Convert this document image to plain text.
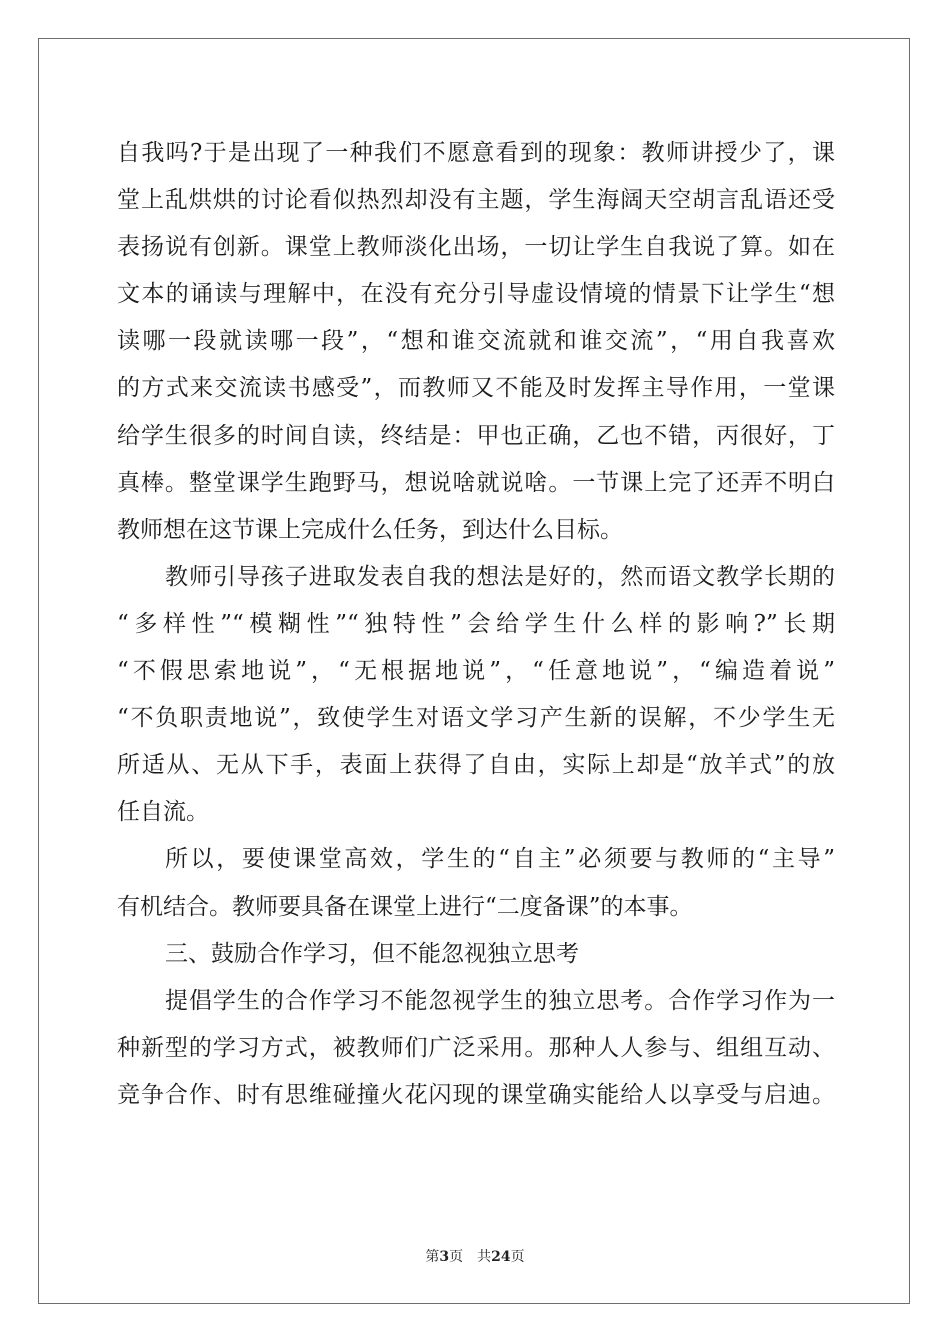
自我吗?于是出现了一种我们不愿意看到的现象：教师讲授少了，课
堂上乱烘烘的讨论看似热烈却没有主题，学生海阔天空胡言乱语还受
表扬说有创新。课堂上教师淡化出场，一切让学生自我说了算。如在
文本的诵读与理解中，在没有充分引导虚设情境的情景下让学生“想
读哪一段就读哪一段”，“想和谁交流就和谁交流”，“用自我喜欢
的方式来交流读书感受”，而教师又不能及时发挥主导作用，一堂课
给学生很多的时间自读，终结是：甲也正确，乙也不错，丙很好，丁
真棒。整堂课学生跑野马，想说啥就说啥。一节课上完了还弄不明白
教师想在这节课上完成什么任务，到达什么目标。
教师引导孩子进取发表自我的想法是好的，然而语文教学长期的
“多样性”“模糊性”“独特性”会给学生什么样的影响?”长期
“不假思索地说”，“无根据地说”，“任意地说”，“编造着说”
“不负职责地说”，致使学生对语文学习产生新的误解，不少学生无
所适从、无从下手，表面上获得了自由，实际上却是“放羊式”的放
任自流。
所以，要使课堂高效，学生的“自主”必须要与教师的“主导”
有机结合。教师要具备在课堂上进行“二度备课”的本事。
三、鼓励合作学习，但不能忽视独立思考
提倡学生的合作学习不能忽视学生的独立思考。合作学习作为一
种新型的学习方式，被教师们广泛采用。那种人人参与、组组互动、
竞争合作、时有思维碰撞火花闪现的课堂确实能给人以享受与启迪。
第3页 共24页
